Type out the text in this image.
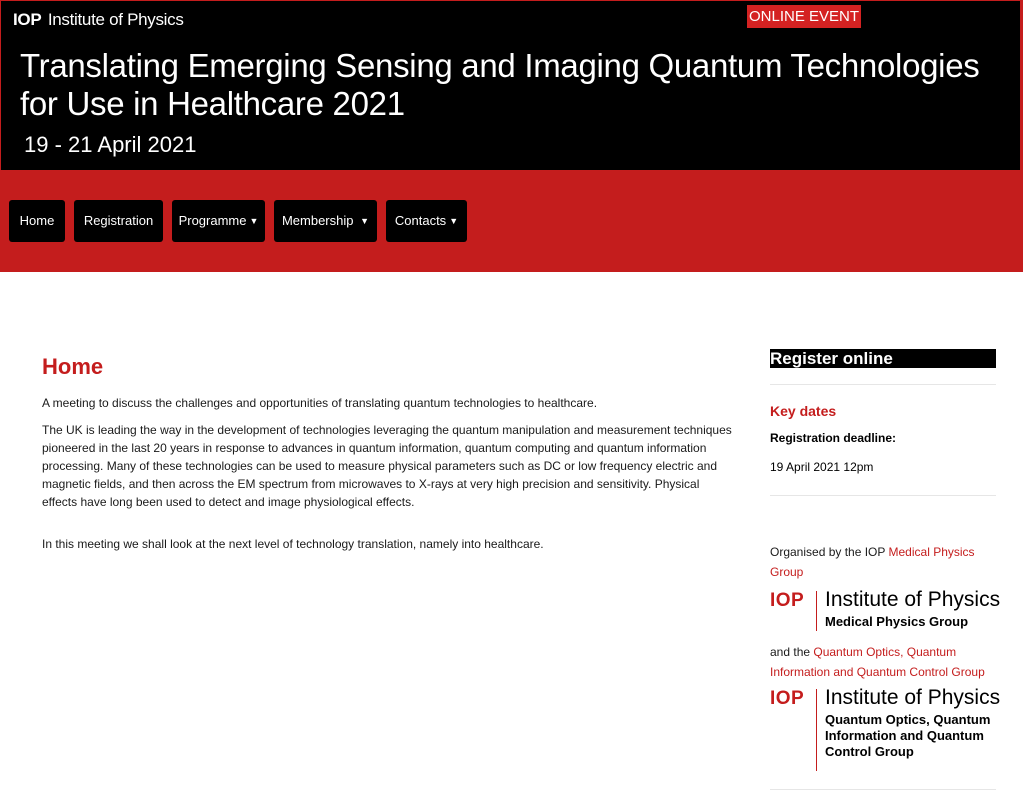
IOP Institute of Physics	ONLINE EVENT
Translating Emerging Sensing and Imaging Quantum Technologies for Use in Healthcare 2021
19 - 21 April 2021
Home	Registration	Programme ▼	Membership ▼	Contacts ▼
Home

A meeting to discuss the challenges and opportunities of translating quantum technologies to healthcare.

The UK is leading the way in the development of technologies leveraging the quantum manipulation and measurement techniques pioneered in the last 20 years in response to advances in quantum information, quantum computing and quantum information processing. Many of these technologies can be used to measure physical parameters such as DC or low frequency electric and magnetic fields, and then across the EM spectrum from microwaves to X-rays at very high precision and sensitivity. Physical effects have long been used to detect and image physiological effects.

In this meeting we shall look at the next level of technology translation, namely into healthcare.

Register online
Key dates
Registration deadline:
19 April 2021 12pm
Organised by the IOP Medical Physics Group
IOP Institute of Physics
Medical Physics Group
and the Quantum Optics, Quantum Information and Quantum Control Group
IOP Institute of Physics
Quantum Optics, Quantum Information and Quantum Control Group
